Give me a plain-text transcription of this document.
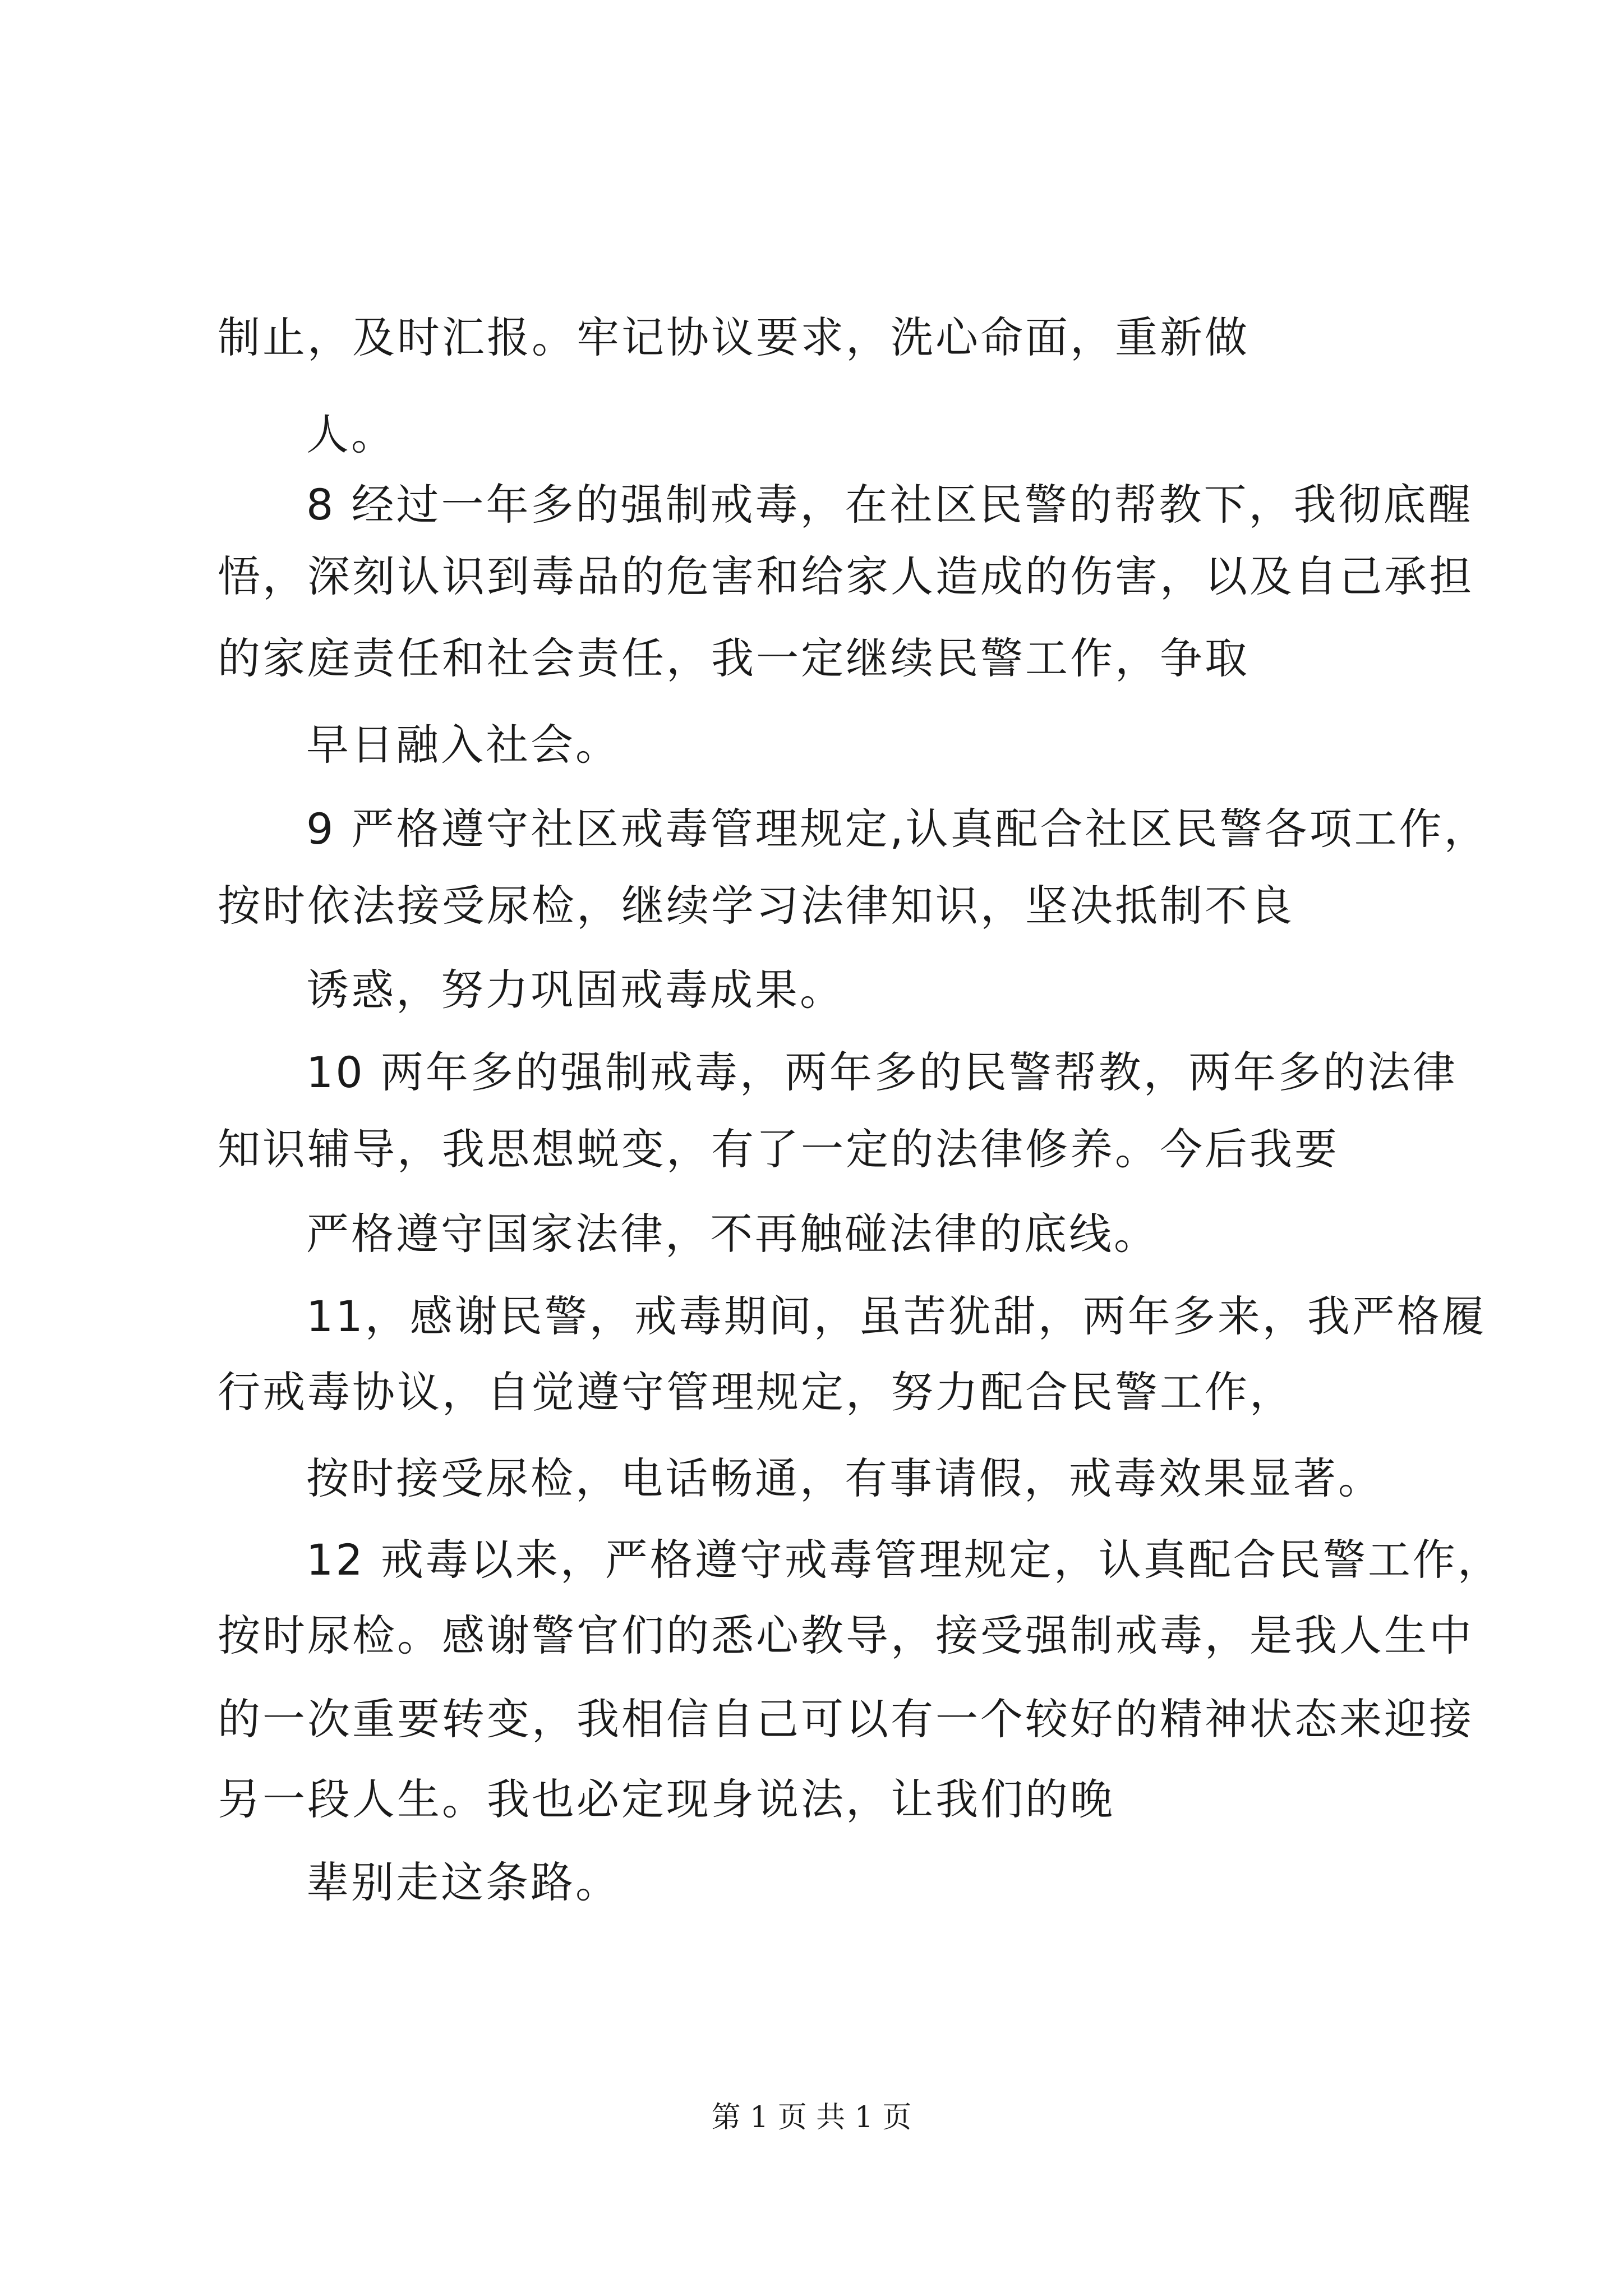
制止，及时汇报。牢记协议要求，洗心命面，重新做
人。
8 经过一年多的强制戒毒，在社区民警的帮教下，我彻底醒
悟，深刻认识到毒品的危害和给家人造成的伤害，以及自己承担
的家庭责任和社会责任，我一定继续民警工作，争取
早日融入社会。
9 严格遵守社区戒毒管理规定,认真配合社区民警各项工作，
按时依法接受尿检，继续学习法律知识，坚决抵制不良
诱惑，努力巩固戒毒成果。
10 两年多的强制戒毒，两年多的民警帮教，两年多的法律
知识辅导，我思想蜕变，有了一定的法律修养。今后我要
严格遵守国家法律，不再触碰法律的底线。
11，感谢民警，戒毒期间，虽苦犹甜，两年多来，我严格履
行戒毒协议，自觉遵守管理规定，努力配合民警工作，
按时接受尿检，电话畅通，有事请假，戒毒效果显著。
12 戒毒以来，严格遵守戒毒管理规定，认真配合民警工作，
按时尿检。感谢警官们的悉心教导，接受强制戒毒，是我人生中
的一次重要转变，我相信自己可以有一个较好的精神状态来迎接
另一段人生。我也必定现身说法，让我们的晚
辈别走这条路。
第 1 页 共 1 页
